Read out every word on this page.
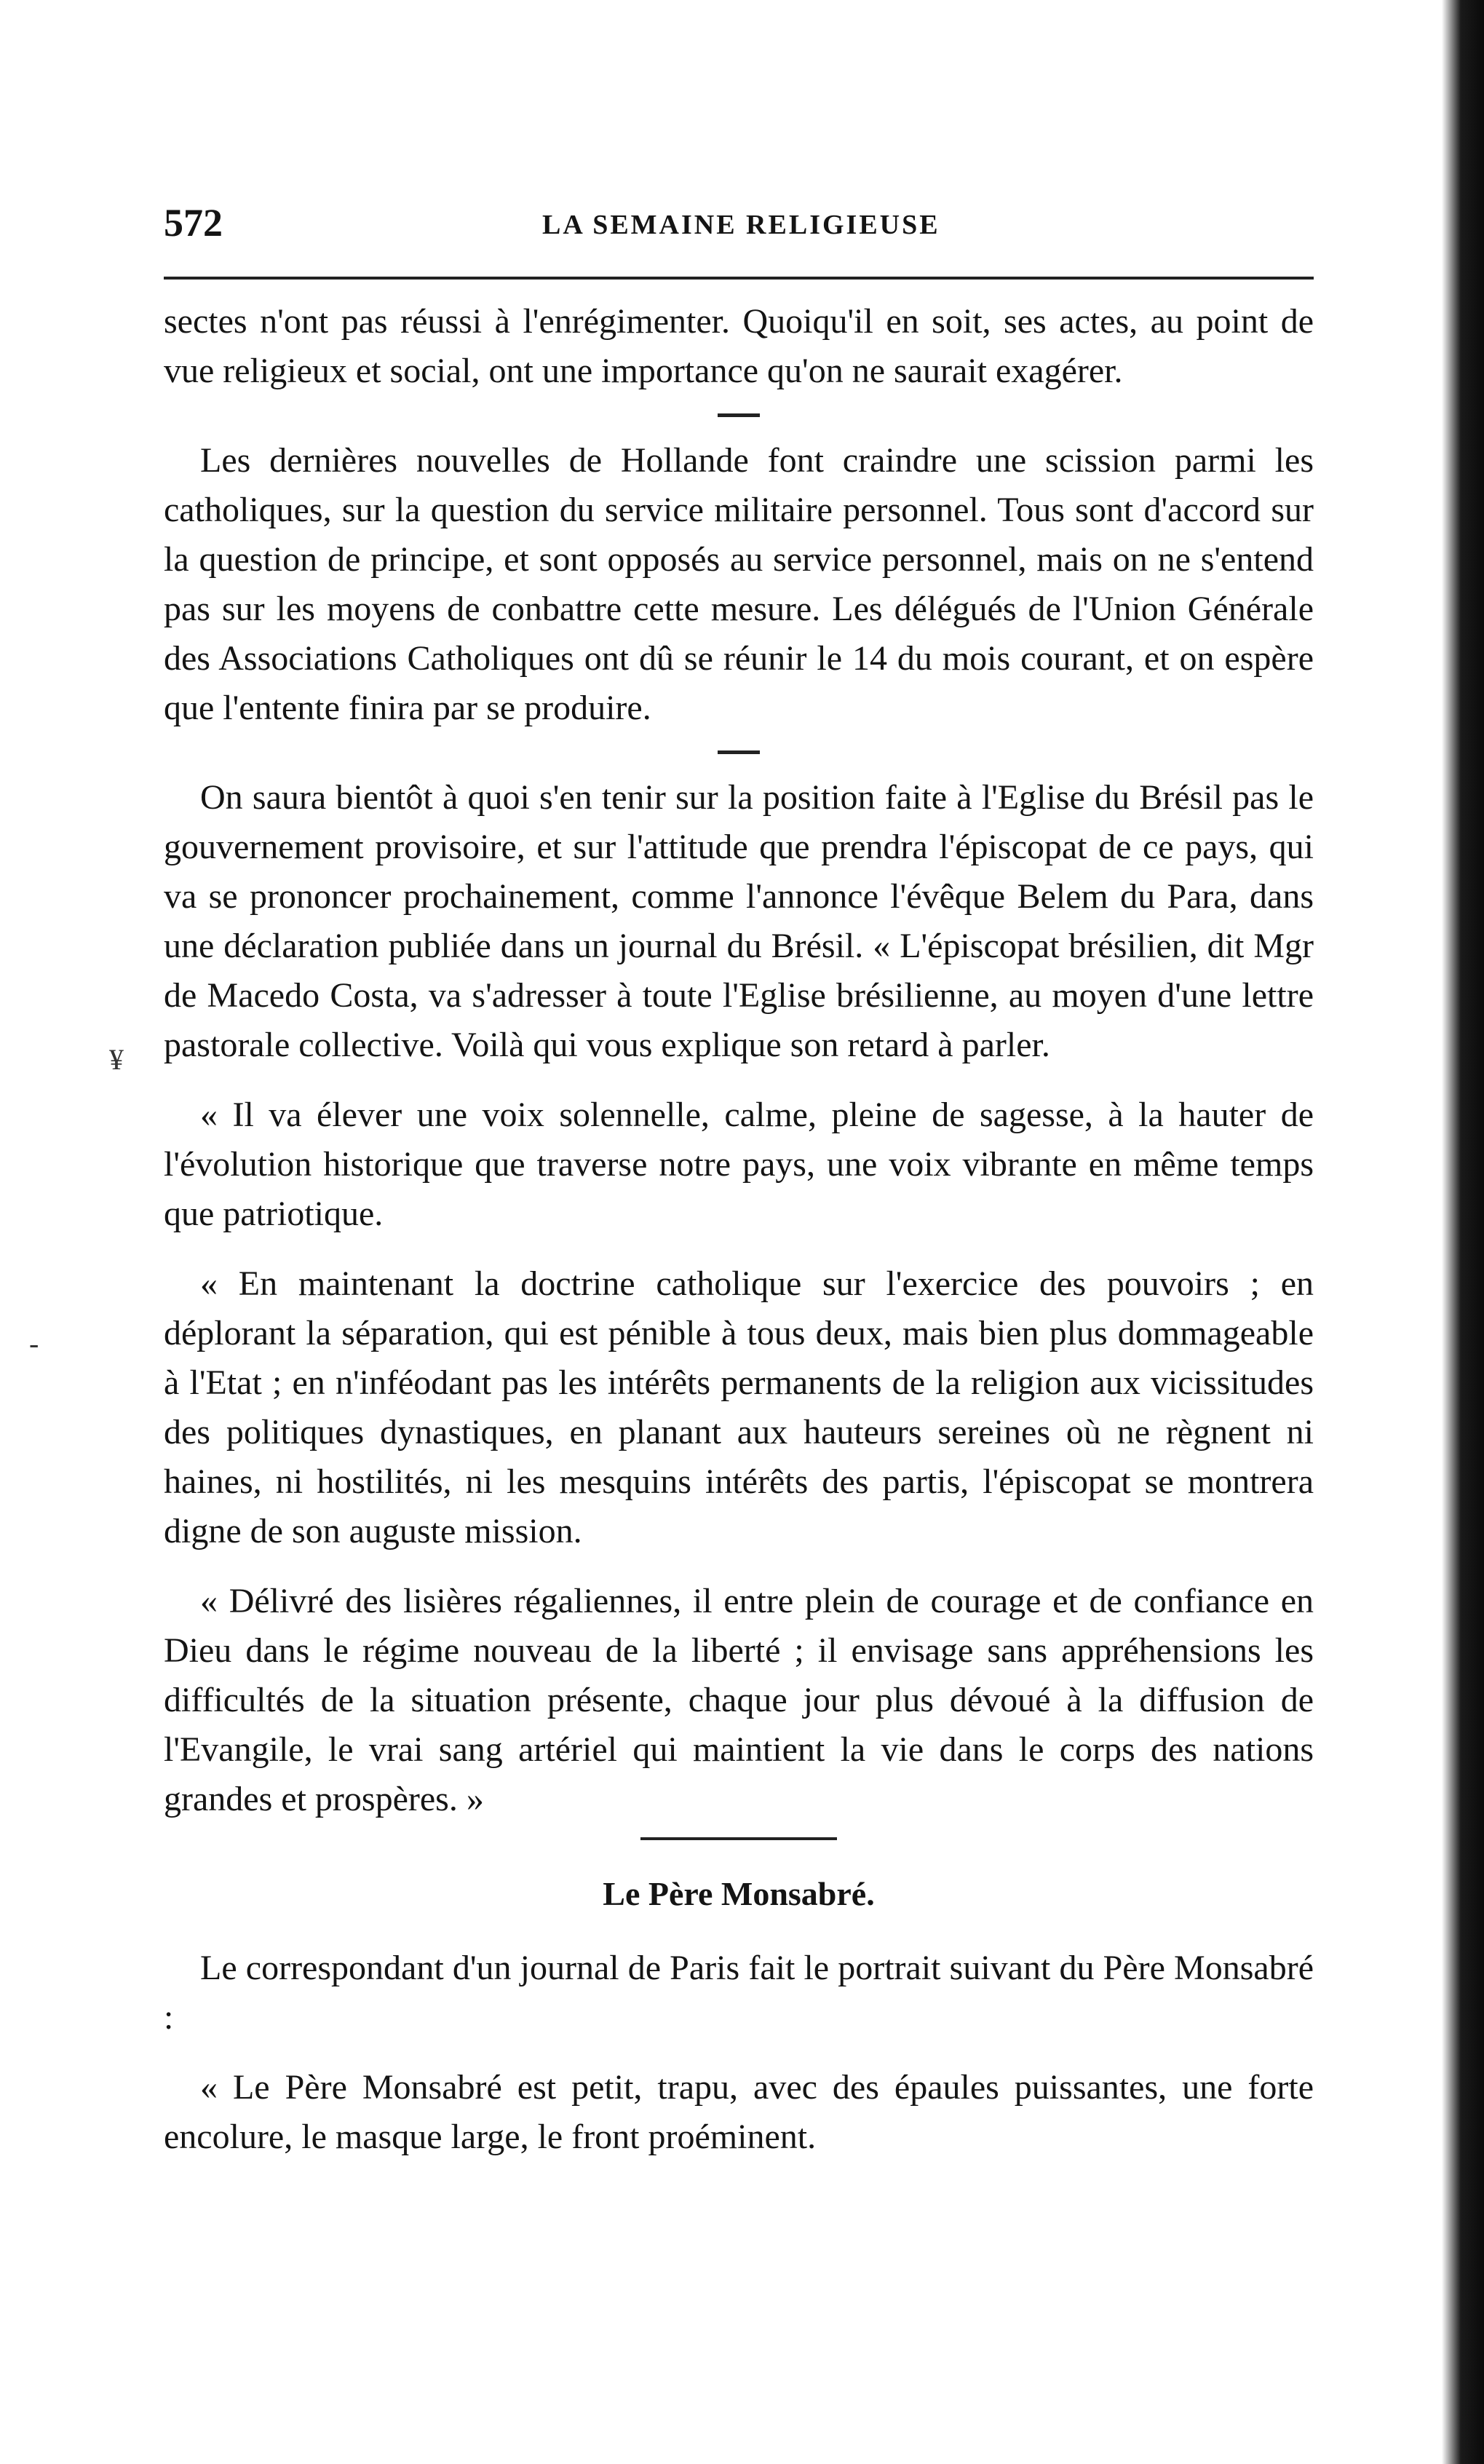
572	LA SEMAINE RELIGIEUSE
¥
-

sectes n'ont pas réussi à l'enrégimenter. Quoiqu'il en soit, ses actes, au point de vue religieux et social, ont une importance qu'on ne saurait exagérer.

Les dernières nouvelles de Hollande font craindre une scission parmi les catholiques, sur la question du service militaire personnel. Tous sont d'accord sur la question de principe, et sont opposés au service personnel, mais on ne s'entend pas sur les moyens de conbattre cette mesure. Les délégués de l'Union Générale des Associations Catholiques ont dû se réunir le 14 du mois courant, et on espère que l'entente finira par se produire.

On saura bientôt à quoi s'en tenir sur la position faite à l'Eglise du Brésil pas le gouvernement provisoire, et sur l'attitude que prendra l'épiscopat de ce pays, qui va se prononcer prochainement, comme l'annonce l'évêque Belem du Para, dans une déclaration publiée dans un journal du Brésil. « L'épiscopat brésilien, dit Mgr de Macedo Costa, va s'adresser à toute l'Eglise brésilienne, au moyen d'une lettre pastorale collective. Voilà qui vous explique son retard à parler.

« Il va élever une voix solennelle, calme, pleine de sagesse, à la hauter de l'évolution historique que traverse notre pays, une voix vibrante en même temps que patriotique.

« En maintenant la doctrine catholique sur l'exercice des pouvoirs ; en déplorant la séparation, qui est pénible à tous deux, mais bien plus dommageable à l'Etat ; en n'inféodant pas les intérêts permanents de la religion aux vicissitudes des politiques dynastiques, en planant aux hauteurs sereines où ne règnent ni haines, ni hostilités, ni les mesquins intérêts des partis, l'épiscopat se montrera digne de son auguste mission.

« Délivré des lisières régaliennes, il entre plein de courage et de confiance en Dieu dans le régime nouveau de la liberté ; il envisage sans appréhensions les difficultés de la situation présente, chaque jour plus dévoué à la diffusion de l'Evangile, le vrai sang artériel qui maintient la vie dans le corps des nations grandes et prospères. »

Le Père Monsabré.

Le correspondant d'un journal de Paris fait le portrait suivant du Père Monsabré :

« Le Père Monsabré est petit, trapu, avec des épaules puissantes, une forte encolure, le masque large, le front proéminent.
